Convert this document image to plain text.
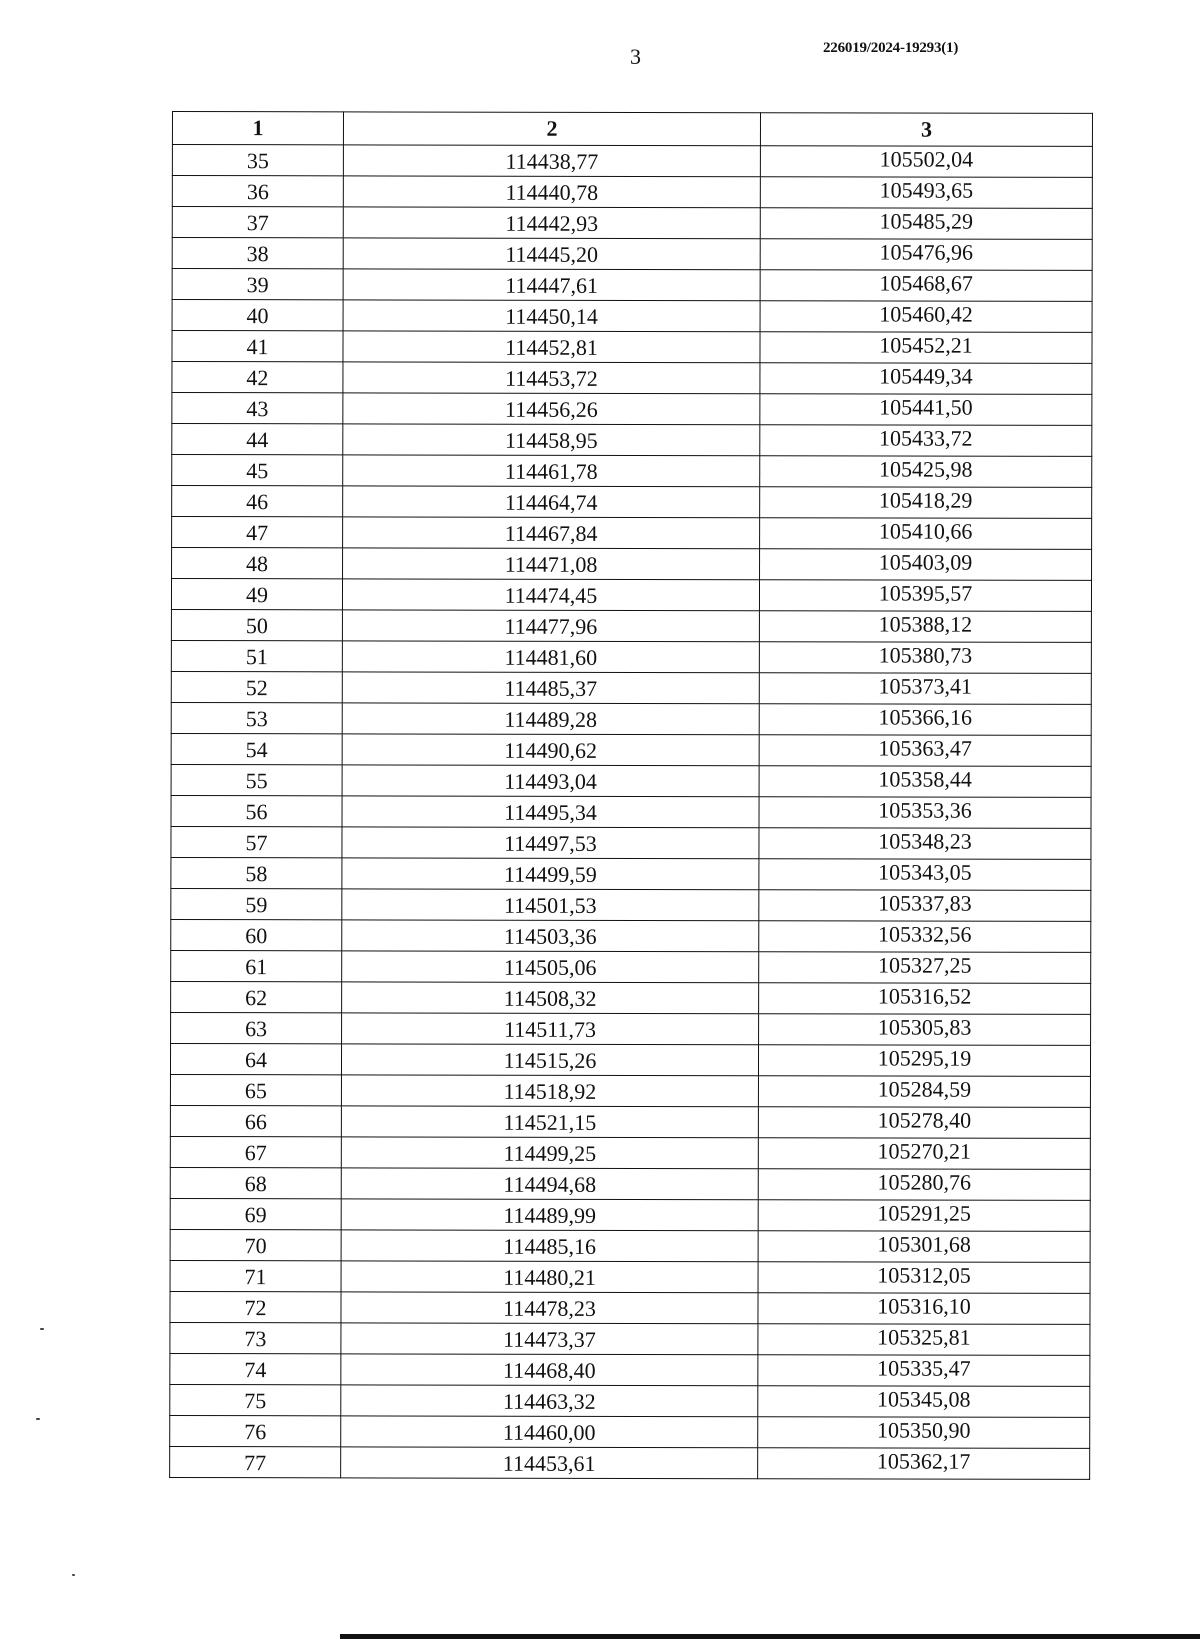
3	226019/2024-19293(1)
1	2	3
35	114438,77	105502,04
36	114440,78	105493,65
37	114442,93	105485,29
38	114445,20	105476,96
39	114447,61	105468,67
40	114450,14	105460,42
41	114452,81	105452,21
42	114453,72	105449,34
43	114456,26	105441,50
44	114458,95	105433,72
45	114461,78	105425,98
46	114464,74	105418,29
47	114467,84	105410,66
48	114471,08	105403,09
49	114474,45	105395,57
50	114477,96	105388,12
51	114481,60	105380,73
52	114485,37	105373,41
53	114489,28	105366,16
54	114490,62	105363,47
55	114493,04	105358,44
56	114495,34	105353,36
57	114497,53	105348,23
58	114499,59	105343,05
59	114501,53	105337,83
60	114503,36	105332,56
61	114505,06	105327,25
62	114508,32	105316,52
63	114511,73	105305,83
64	114515,26	105295,19
65	114518,92	105284,59
66	114521,15	105278,40
67	114499,25	105270,21
68	114494,68	105280,76
69	114489,99	105291,25
70	114485,16	105301,68
71	114480,21	105312,05
72	114478,23	105316,10
73	114473,37	105325,81
74	114468,40	105335,47
75	114463,32	105345,08
76	114460,00	105350,90
77	114453,61	105362,17
